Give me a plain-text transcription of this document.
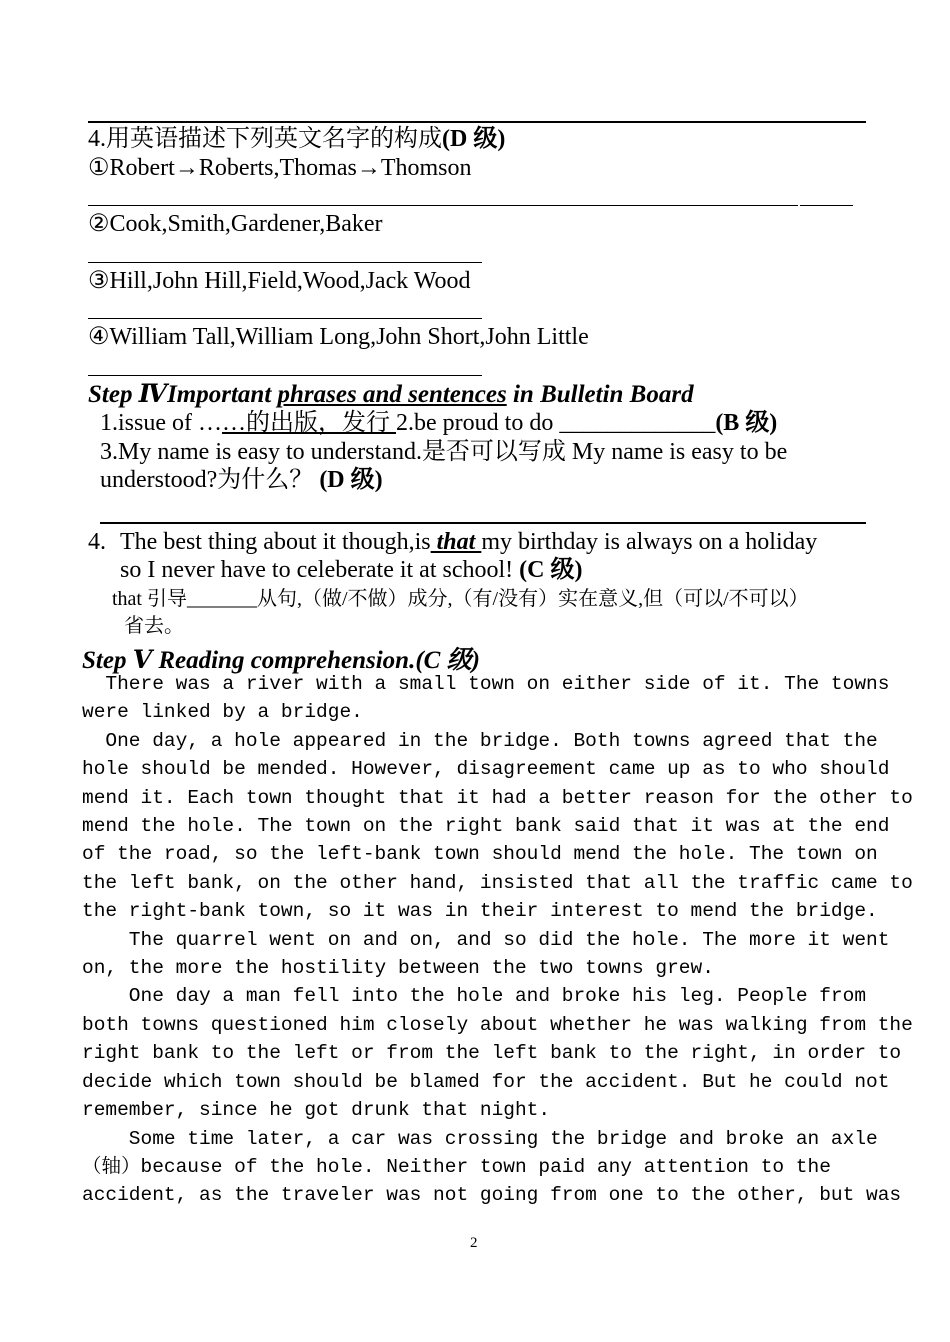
4.用英语描述下列英文名字的构成(D 级)
①Robert→Roberts,Thomas→Thomson
②Cook,Smith,Gardener,Baker
③Hill,John Hill,Field,Wood,Jack Wood
④William Tall,William Long,John Short,John Little
Step ⅣImportant phrases and sentences in Bulletin Board
1.issue of ……的出版，发行 2.be proud to do _____________(B 级)
3.My name is easy to understand.是否可以写成 My name is easy to be
understood?为什么？ (D 级)
4. The best thing about it though,is that my birthday is always on a holiday
so I never have to celeberate it at school! (C 级)
that 引导_______从句,（做/不做）成分,（有/没有）实在意义,但（可以/不可以）
省去。
Step Ⅴ Reading comprehension.(C 级)
There was a river with a small town on either side of it. The towns
were linked by a bridge.
One day, a hole appeared in the bridge. Both towns agreed that the
hole should be mended. However, disagreement came up as to who should
mend it. Each town thought that it had a better reason for the other to
mend the hole. The town on the right bank said that it was at the end
of the road, so the left-bank town should mend the hole. The town on
the left bank, on the other hand, insisted that all the traffic came to
the right-bank town, so it was in their interest to mend the bridge.
The quarrel went on and on, and so did the hole. The more it went
on, the more the hostility between the two towns grew.
One day a man fell into the hole and broke his leg. People from
both towns questioned him closely about whether he was walking from the
right bank to the left or from the left bank to the right, in order to
decide which town should be blamed for the accident. But he could not
remember, since he got drunk that night.
Some time later, a car was crossing the bridge and broke an axle
（轴）because of the hole. Neither town paid any attention to the
accident, as the traveler was not going from one to the other, but was
2
